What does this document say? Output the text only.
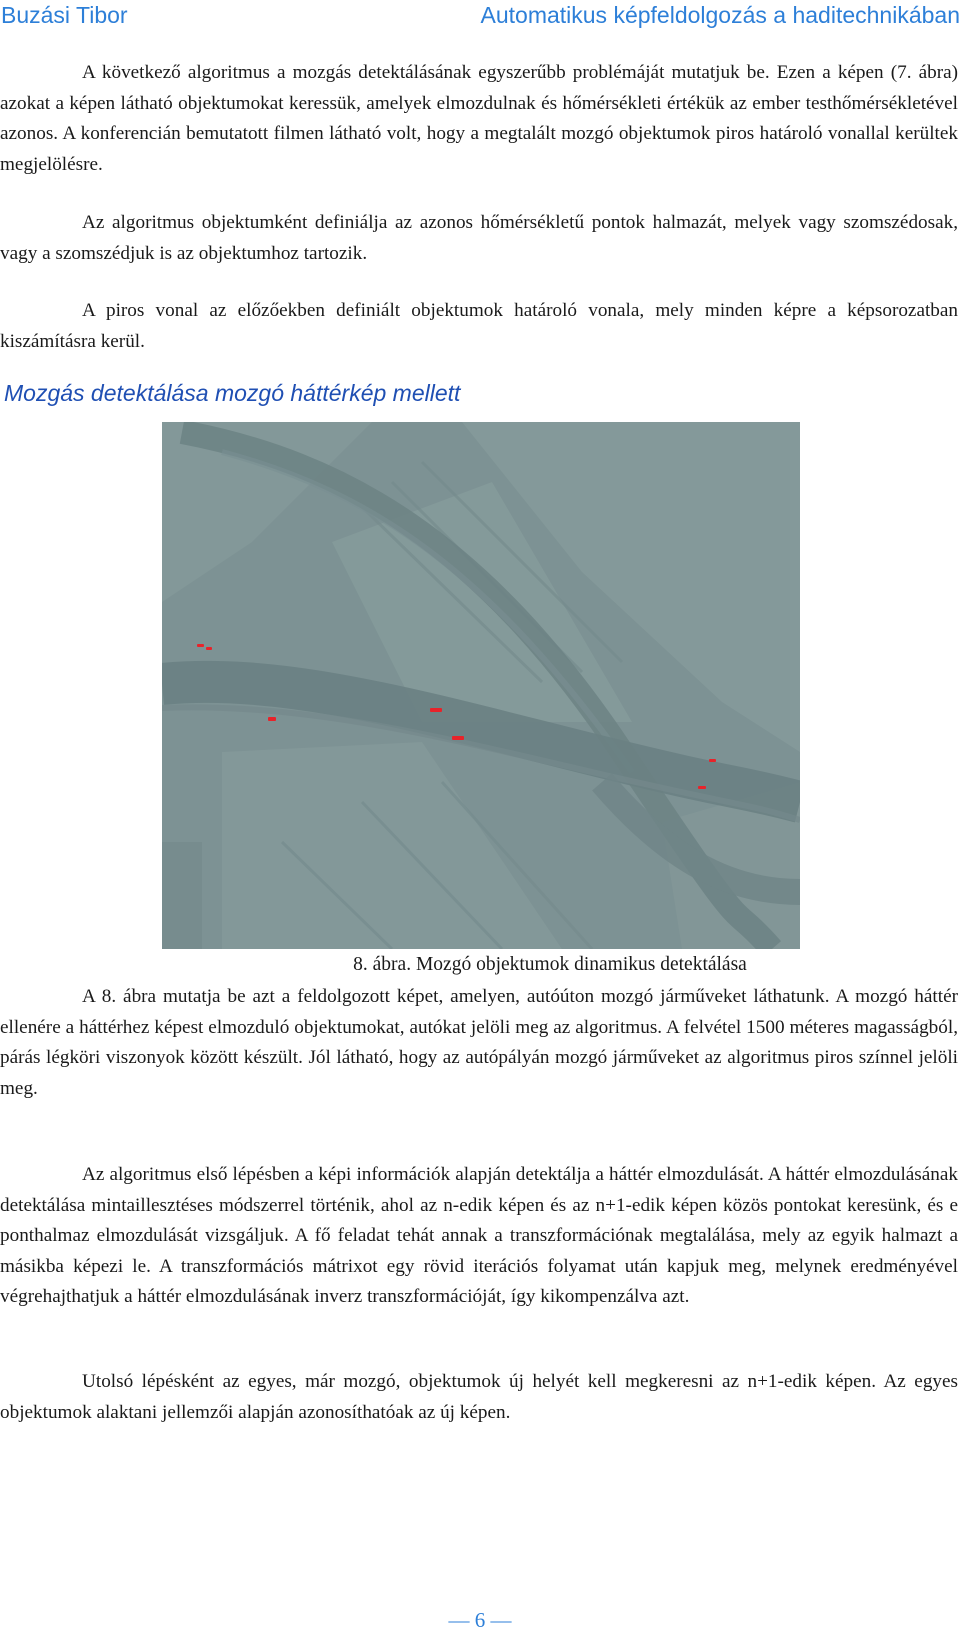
Buzási Tibor	Automatikus képfeldolgozás a haditechnikában

A következő algoritmus a mozgás detektálásának egyszerűbb problémáját mutatjuk be. Ezen a képen (7. ábra) azokat a képen látható objektumokat keressük, amelyek elmozdulnak és hőmérsékleti értékük az ember testhőmérsékletével azonos. A konferencián bemutatott filmen látható volt, hogy a megtalált mozgó objektumok piros határoló vonallal kerültek megjelölésre.

Az algoritmus objektumként definiálja az azonos hőmérsékletű pontok halmazát, melyek vagy szomszédosak, vagy a szomszédjuk is az objektumhoz tartozik.

A piros vonal az előzőekben definiált objektumok határoló vonala, mely minden képre a képsorozatban kiszámításra kerül.

Mozgás detektálása mozgó háttérkép mellett
8. ábra. Mozgó objektumok dinamikus detektálása

A 8. ábra mutatja be azt a feldolgozott képet, amelyen, autóúton mozgó járműveket láthatunk. A mozgó háttér ellenére a háttérhez képest elmozduló objektumokat, autókat jelöli meg az algoritmus. A felvétel 1500 méteres magasságból, párás légköri viszonyok között készült. Jól látható, hogy az autópályán mozgó járműveket az algoritmus piros színnel jelöli meg.

Az algoritmus első lépésben a képi információk alapján detektálja a háttér elmozdulását. A háttér elmozdulásának detektálása mintaillesztéses módszerrel történik, ahol az n-edik képen és az n+1-edik képen közös pontokat keresünk, és e ponthalmaz elmozdulását vizsgáljuk. A fő feladat tehát annak a transzformációnak megtalálása, mely az egyik halmazt a másikba képezi le. A transzformációs mátrixot egy rövid iterációs folyamat után kapjuk meg, melynek eredményével végrehajthatjuk a háttér elmozdulásának inverz transzformációját, így kikompenzálva azt.

Utolsó lépésként az egyes, már mozgó, objektumok új helyét kell megkeresni az n+1-edik képen. Az egyes objektumok alaktani jellemzői alapján azonosíthatóak az új képen.

— 6 —
